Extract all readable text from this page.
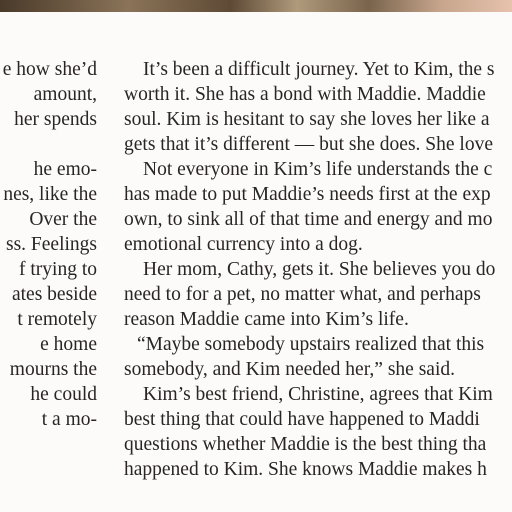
e how she’d
amount,
her spends
he emo-
nes, like the
Over the
ss. Feelings
f trying to
ates beside
t remotely
e home
mourns the
he could
t a mo-
It’s been a difficult journey. Yet to Kim, the s
worth it. She has a bond with Maddie. Maddie
soul. Kim is hesitant to say she loves her like a
gets that it’s different — but she does. She love
Not everyone in Kim’s life understands the c
has made to put Maddie’s needs first at the exp
own, to sink all of that time and energy and mo
emotional currency into a dog.
Her mom, Cathy, gets it. She believes you do
need to for a pet, no matter what, and perhaps
reason Maddie came into Kim’s life.
“Maybe somebody upstairs realized that this
somebody, and Kim needed her,” she said.
Kim’s best friend, Christine, agrees that Kim
best thing that could have happened to Maddi
questions whether Maddie is the best thing tha
happened to Kim. She knows Maddie makes h
